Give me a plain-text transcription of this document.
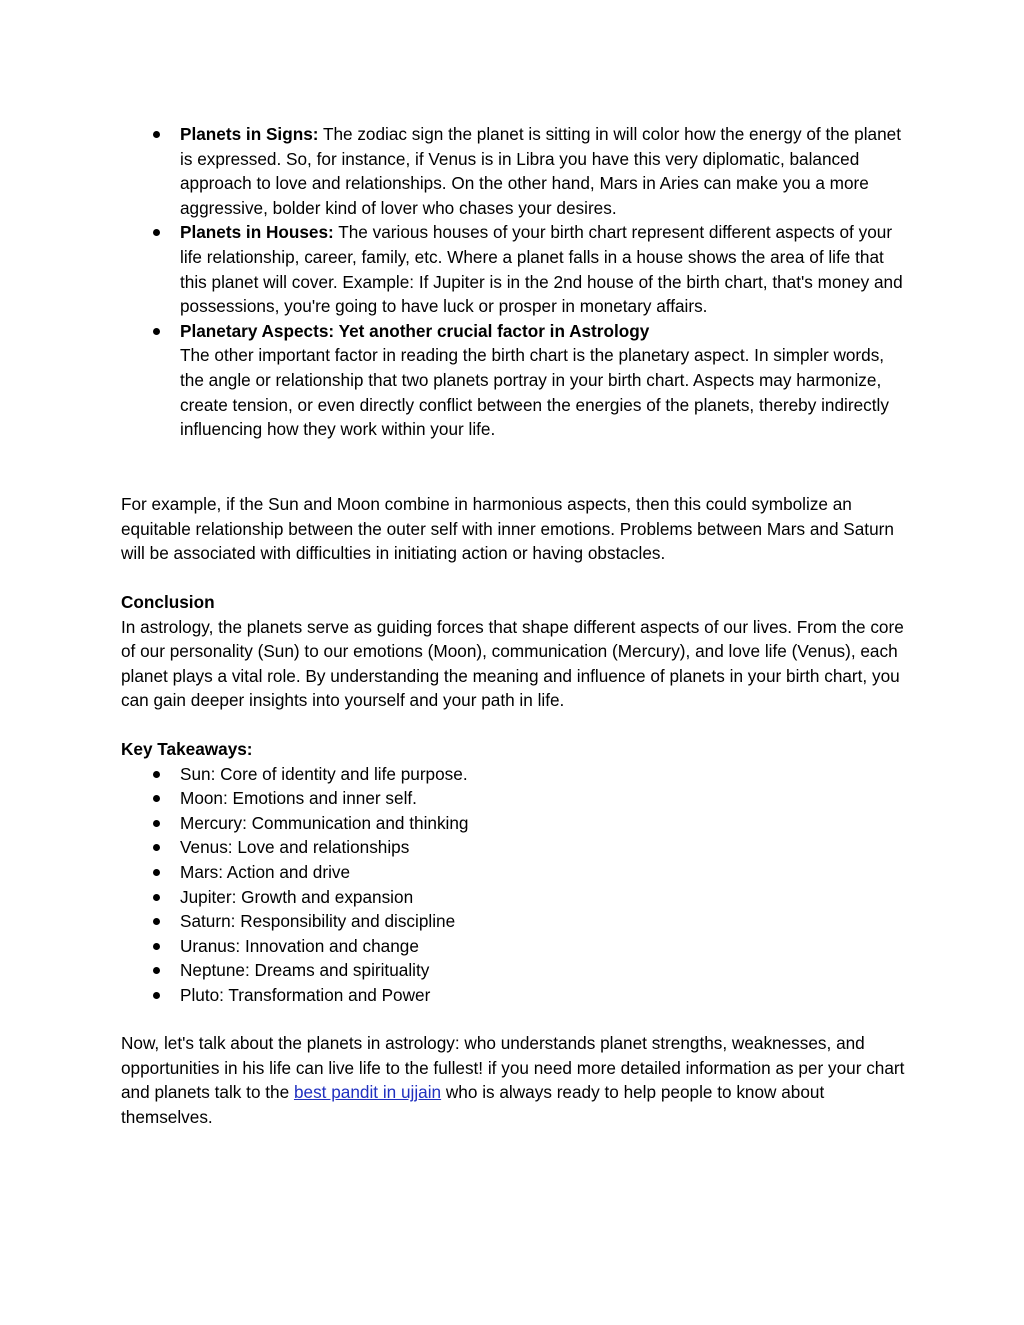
Planets in Signs: The zodiac sign the planet is sitting in will color how the energy of the planet is expressed. So, for instance, if Venus is in Libra you have this very diplomatic, balanced approach to love and relationships. On the other hand, Mars in Aries can make you a more aggressive, bolder kind of lover who chases your desires.
Planets in Houses: The various houses of your birth chart represent different aspects of your life relationship, career, family, etc. Where a planet falls in a house shows the area of life that this planet will cover. Example: If Jupiter is in the 2nd house of the birth chart, that's money and possessions, you're going to have luck or prosper in monetary affairs.
Planetary Aspects: Yet another crucial factor in Astrology
The other important factor in reading the birth chart is the planetary aspect. In simpler words, the angle or relationship that two planets portray in your birth chart. Aspects may harmonize, create tension, or even directly conflict between the energies of the planets, thereby indirectly influencing how they work within your life.

For example, if the Sun and Moon combine in harmonious aspects, then this could symbolize an equitable relationship between the outer self with inner emotions. Problems between Mars and Saturn will be associated with difficulties in initiating action or having obstacles.

Conclusion
In astrology, the planets serve as guiding forces that shape different aspects of our lives. From the core of our personality (Sun) to our emotions (Moon), communication (Mercury), and love life (Venus), each planet plays a vital role. By understanding the meaning and influence of planets in your birth chart, you can gain deeper insights into yourself and your path in life.
Key Takeaways:
Sun: Core of identity and life purpose.
Moon: Emotions and inner self.
Mercury: Communication and thinking
Venus: Love and relationships
Mars: Action and drive
Jupiter: Growth and expansion
Saturn: Responsibility and discipline
Uranus: Innovation and change
Neptune: Dreams and spirituality
Pluto: Transformation and Power

Now, let's talk about the planets in astrology: who understands planet strengths, weaknesses, and opportunities in his life can live life to the fullest! if you need more detailed information as per your chart and planets talk to the best pandit in ujjain who is always ready to help people to know about themselves.
